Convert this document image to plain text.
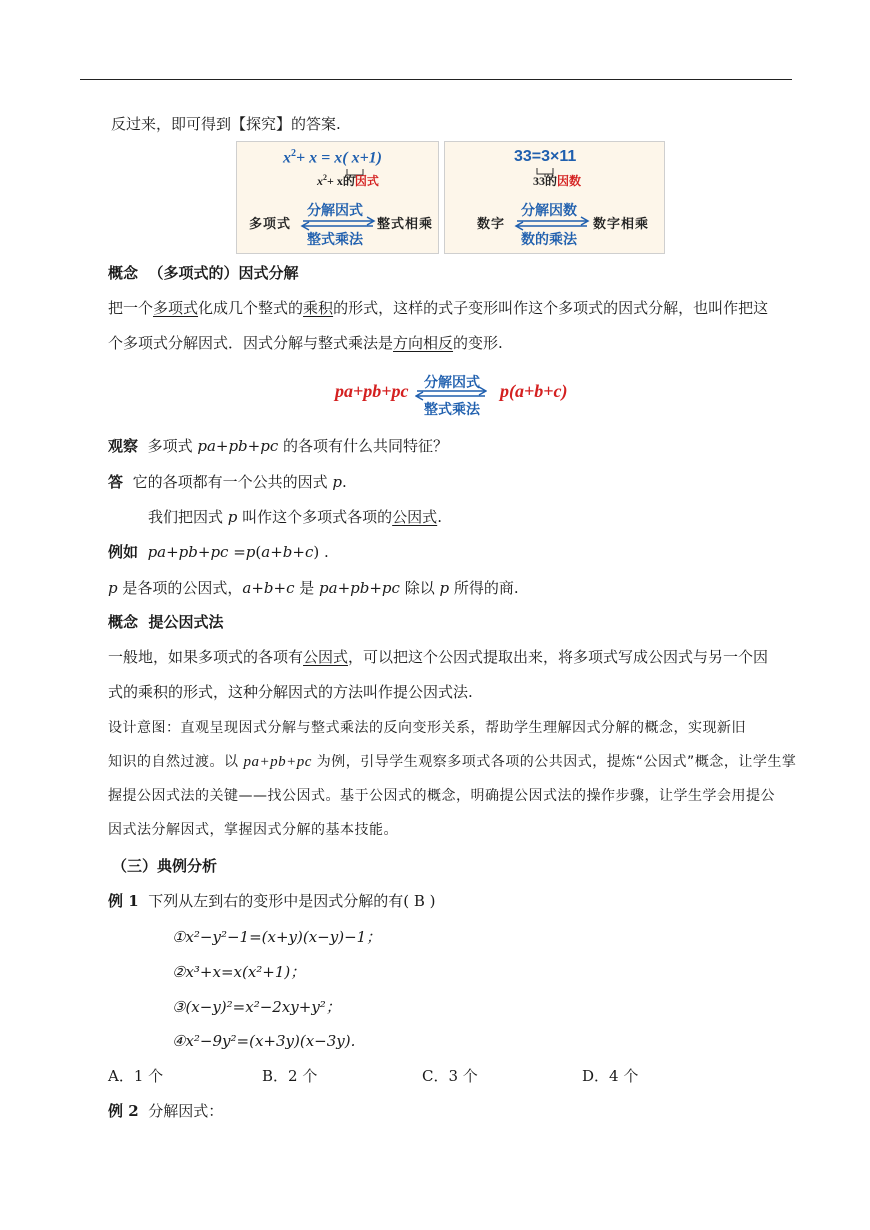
反过来，即可得到【探究】的答案.
$x^2+ x = x$( x+1)
$x^2+ x$的因式
多项式
分解因式
整式乘法
整式相乘
33=3×11
33的因数
数字
分解因数
数的乘法
数字相乘
概念 （多项式的）因式分解
把一个多项式化成几个整式的乘积的形式，这样的式子变形叫作这个多项式的因式分解，也叫作把这
个多项式分解因式．因式分解与整式乘法是方向相反的变形.
pa+pb+pc 分解因式
整式乘法
p(a+b+c)
观察 多项式 pa+pb+pc 的各项有什么共同特征？
答 它的各项都有一个公共的因式 p.
我们把因式 p 叫作这个多项式各项的公因式.
例如 pa+pb+pc =p(a+b+c) .
p 是各项的公因式，a+b+c 是 pa+pb+pc 除以 p 所得的商.
概念 提公因式法
一般地，如果多项式的各项有公因式，可以把这个公因式提取出来，将多项式写成公因式与另一个因
式的乘积的形式，这种分解因式的方法叫作提公因式法.
设计意图：直观呈现因式分解与整式乘法的反向变形关系，帮助学生理解因式分解的概念，实现新旧
知识的自然过渡。以 pa+pb+pc 为例，引导学生观察多项式各项的公共因式，提炼“公因式”概念，让学生掌
握提公因式法的关键——找公因式。基于公因式的概念，明确提公因式法的操作步骤，让学生学会用提公
因式法分解因式，掌握因式分解的基本技能。
（三）典例分析
例 1 下列从左到右的变形中是因式分解的有( B )
①x²−y²−1=(x+y)(x−y)−1；
②x³+x=x(x²+1)；
③(x−y)²=x²−2xy+y²；
④x²−9y²=(x+3y)(x−3y).
A．1 个	B．2 个	C．3 个	D．4 个
例 2 分解因式：
